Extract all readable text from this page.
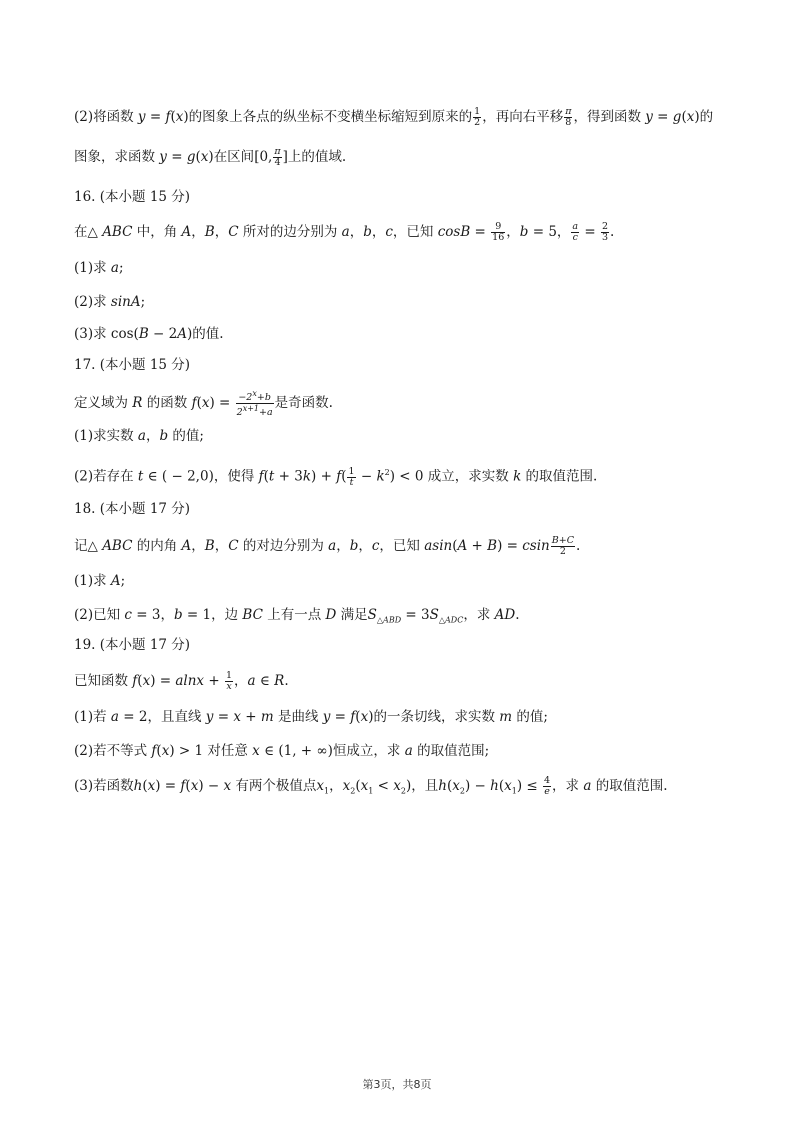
(2)将函数 y = f(x)的图象上各点的纵坐标不变横坐标缩短到原来的 $\frac{1}{2}$ ，再向右平移 $\frac{\pi}{8}$ ，得到函数 y = g(x)的
图象，求函数 y = g(x)在区间[0, $\frac{\pi}{4}$ ]上的值域.
16. (本小题 15 分)
在△ ABC 中，角 A，B，C 所对的边分别为 a，b，c，已知 $\cos B = \frac{9}{16}$ ，b = 5， $\frac{a}{c} = \frac{2}{3}$ .
(1)求 a;
(2)求 sinA;
(3)求 cos(B − 2A)的值.
17. (本小题 15 分)
定义域为 R 的函数 $f(x) = \frac{-2^x+b}{2^{x+1}+a}$ 是奇函数.
(1)求实数 a，b 的值;
(2)若存在 t ∈ ( − 2,0)，使得 $f(t + 3k) + f( \frac{1}{t} - k^2) < 0$ 成立，求实数 k 的取值范围.
18. (本小题 17 分)
记△ ABC 的内角 A，B，C 的对边分别为 a，b，c，已知 asin(A + B) = csin $\frac{B+C}{2}$ .
(1)求 A;
(2)已知 c = 3，b = 1，边 BC 上有一点 D 满足$S_{\triangle ABD} = 3S_{\triangle ADC}$，求 AD.
19. (本小题 17 分)
已知函数 $f(x) = alnx + \frac{1}{x}$ ，a ∈ R.
(1)若 a = 2，且直线 y = x + m 是曲线 y = f(x)的一条切线，求实数 m 的值;
(2)若不等式 f(x) > 1 对任意 x ∈ (1, + ∞)恒成立，求 a 的取值范围;
(3)若函数h(x) = f(x) − x 有两个极值点$x_1$，$x_2(x_1 < x_2)$，且$h(x_2) - h(x_1) \le \frac{4}{e}$ ，求 a 的取值范围.
第3页，共8页
